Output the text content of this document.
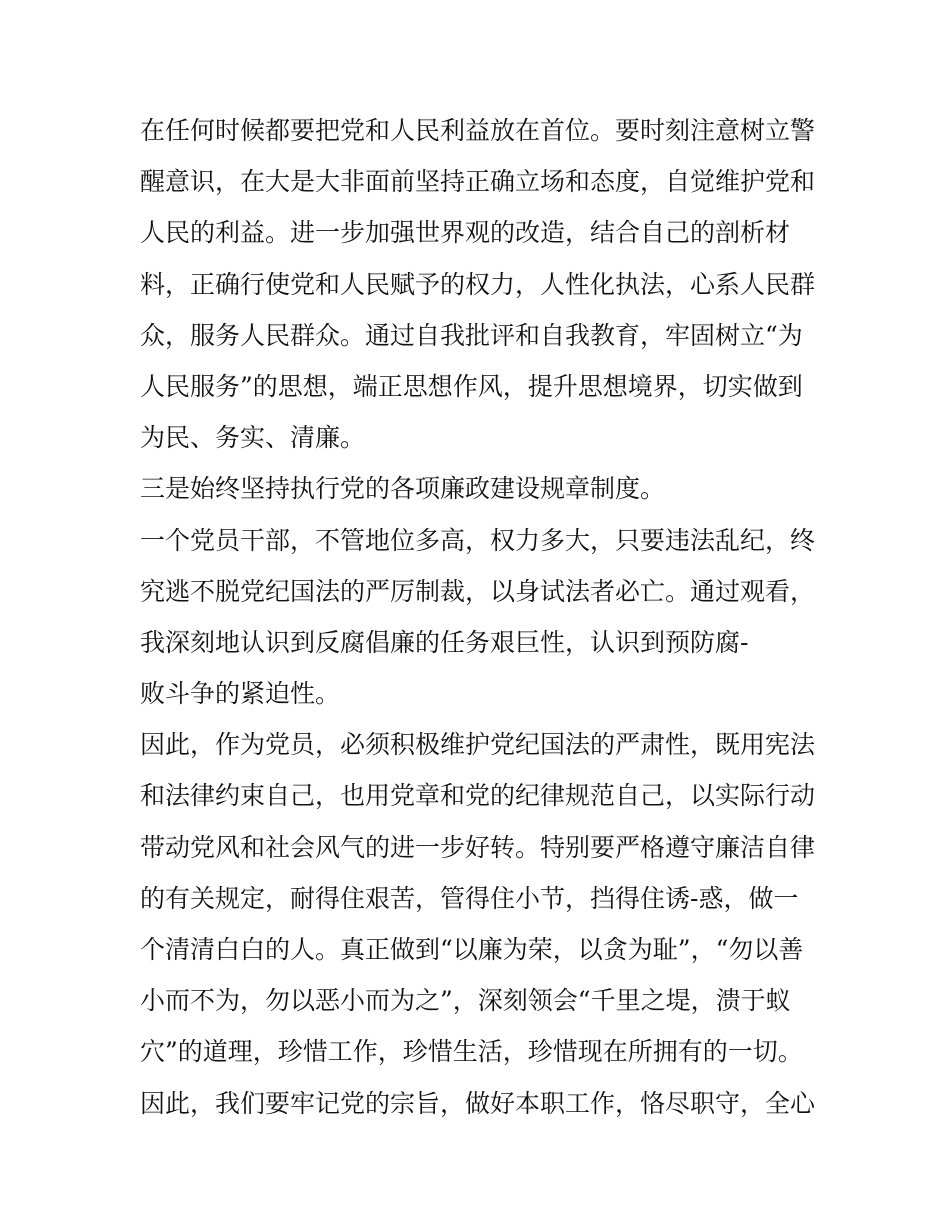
在任何时候都要把党和人民利益放在首位。要时刻注意树立警
醒意识，在大是大非面前坚持正确立场和态度，自觉维护党和
人民的利益。进一步加强世界观的改造，结合自己的剖析材
料，正确行使党和人民赋予的权力，人性化执法，心系人民群
众，服务人民群众。通过自我批评和自我教育，牢固树立“为
人民服务”的思想，端正思想作风，提升思想境界，切实做到
为民、务实、清廉。
三是始终坚持执行党的各项廉政建设规章制度。
一个党员干部，不管地位多高，权力多大，只要违法乱纪，终
究逃不脱党纪国法的严厉制裁，以身试法者必亡。通过观看，
我深刻地认识到反腐倡廉的任务艰巨性，认识到预防腐-
败斗争的紧迫性。
因此，作为党员，必须积极维护党纪国法的严肃性，既用宪法
和法律约束自己，也用党章和党的纪律规范自己，以实际行动
带动党风和社会风气的进一步好转。特别要严格遵守廉洁自律
的有关规定，耐得住艰苦，管得住小节，挡得住诱-惑，做一
个清清白白的人。真正做到“以廉为荣，以贪为耻”，“勿以善
小而不为，勿以恶小而为之”，深刻领会“千里之堤，溃于蚁
穴”的道理，珍惜工作，珍惜生活，珍惜现在所拥有的一切。
因此，我们要牢记党的宗旨，做好本职工作，恪尽职守，全心
